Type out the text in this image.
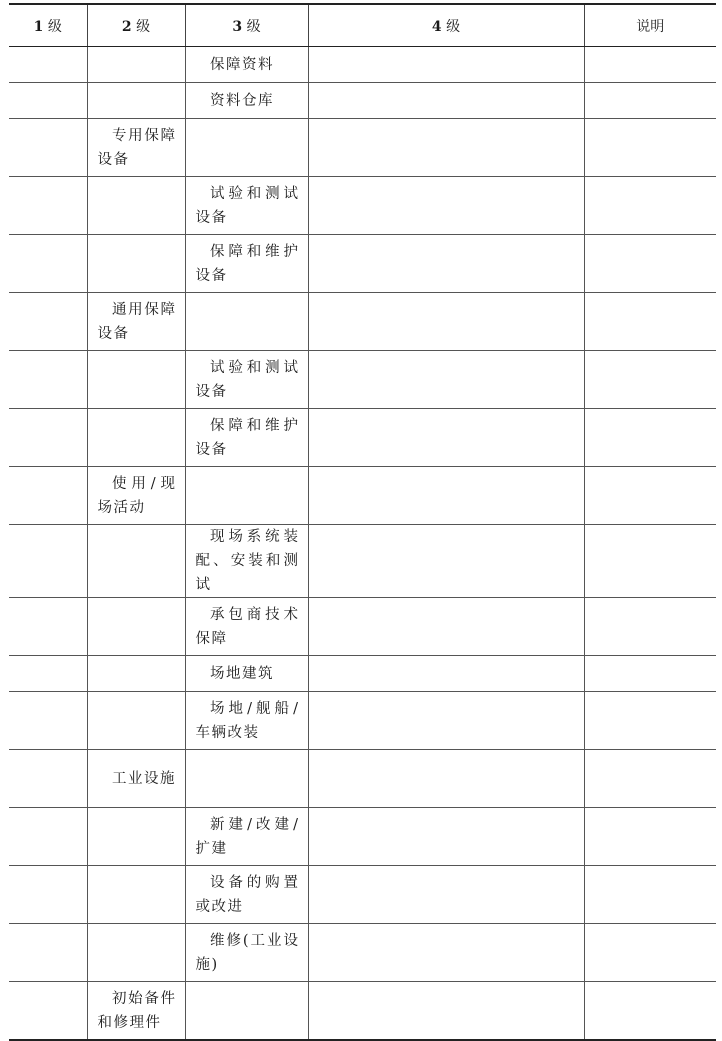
1 级	2 级	3 级	4 级	说明

		保障资料		

		资料仓库		

	专用保障设备			

		试验和测试设备		

		保障和维护设备		

	通用保障设备			

		试验和测试设备		

		保障和维护设备		

	使用/现场活动			

		现场系统装配、安装和测试		

		承包商技术保障		

		场地建筑		

		场地/舰船/车辆改装		

	工业设施			

		新建/改建/扩建		

		设备的购置或改进		

		维修(工业设施)		

	初始备件和修理件			
